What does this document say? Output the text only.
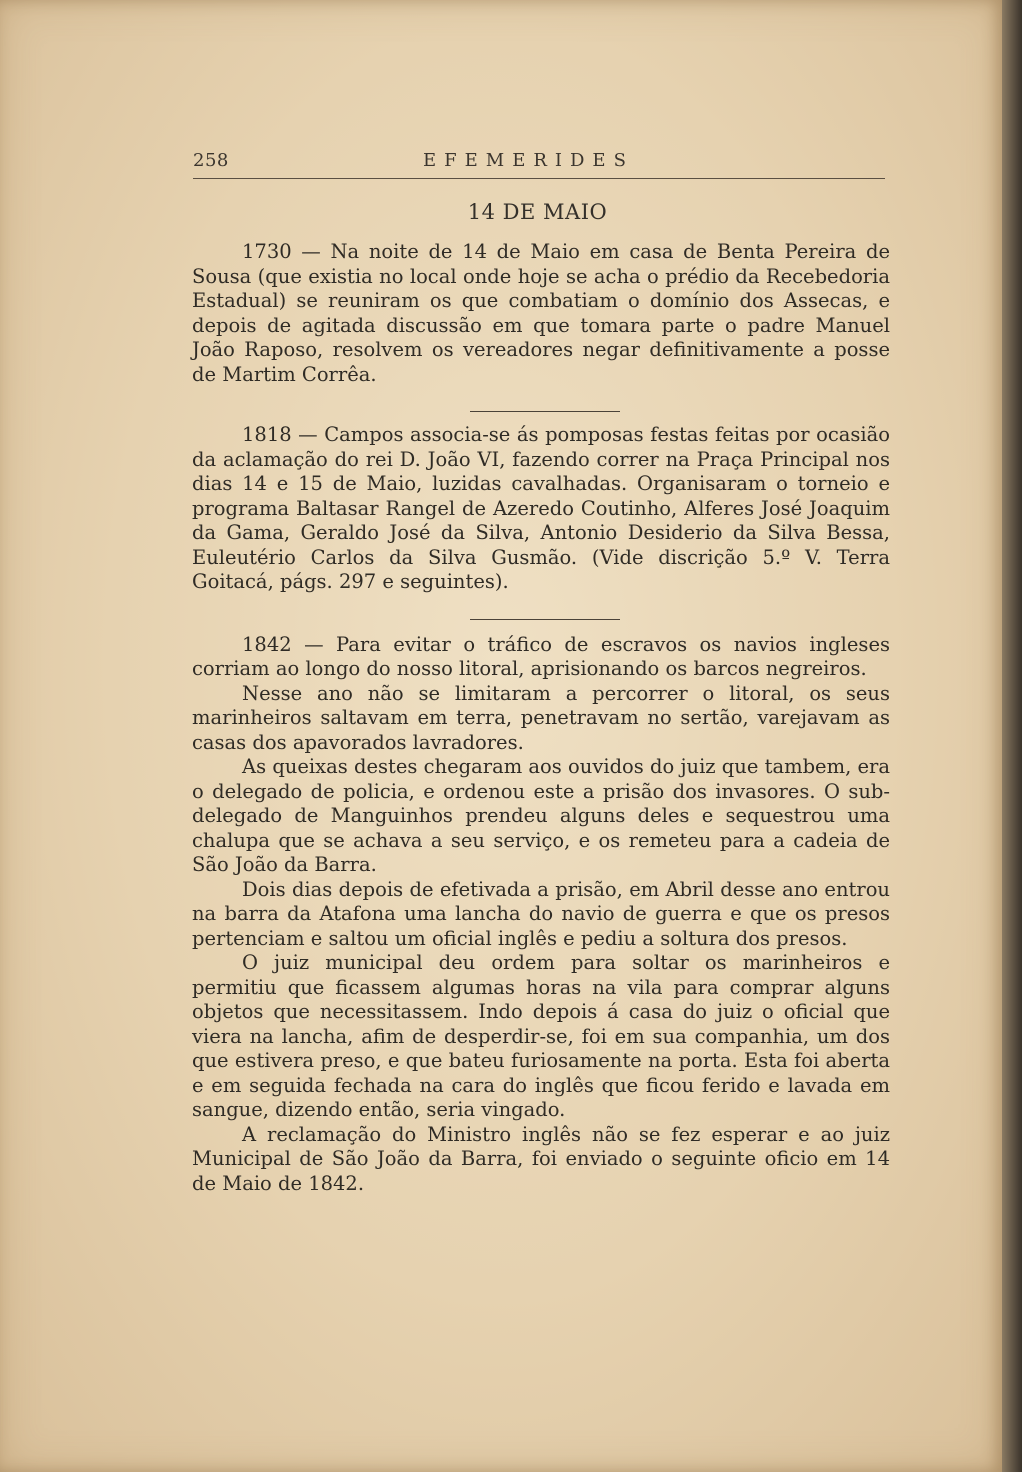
258	EFEMERIDES
14 DE MAIO

1730 — Na noite de 14 de Maio em casa de Benta Pereira de Sousa (que existia no local onde hoje se acha o prédio da Recebedoria Estadual) se reuniram os que combatiam o domínio dos Assecas, e depois de agitada discussão em que tomara parte o padre Manuel João Raposo, resolvem os vereadores negar definitivamente a posse de Martim Corrêa.

1818 — Campos associa-se ás pomposas festas feitas por ocasião da aclamação do rei D. João VI, fazendo correr na Praça Principal nos dias 14 e 15 de Maio, luzidas cavalhadas. Organisaram o torneio e programa Baltasar Rangel de Azeredo Coutinho, Alferes José Joaquim da Gama, Geraldo José da Silva, Antonio Desiderio da Silva Bessa, Euleutério Carlos da Silva Gusmão. (Vide discrição 5.º V. Terra Goitacá, págs. 297 e seguintes).

1842 — Para evitar o tráfico de escravos os navios ingleses corriam ao longo do nosso litoral, aprisionando os barcos negreiros.

Nesse ano não se limitaram a percorrer o litoral, os seus marinheiros saltavam em terra, penetravam no sertão, varejavam as casas dos apavorados lavradores.

As queixas destes chegaram aos ouvidos do juiz que tambem, era o delegado de policia, e ordenou este a prisão dos invasores. O sub-delegado de Manguinhos prendeu alguns deles e sequestrou uma chalupa que se achava a seu serviço, e os remeteu para a cadeia de São João da Barra.

Dois dias depois de efetivada a prisão, em Abril desse ano entrou na barra da Atafona uma lancha do navio de guerra e que os presos pertenciam e saltou um oficial inglês e pediu a soltura dos presos.

O juiz municipal deu ordem para soltar os marinheiros e permitiu que ficassem algumas horas na vila para comprar alguns objetos que necessitassem. Indo depois á casa do juiz o oficial que viera na lancha, afim de desperdir-se, foi em sua companhia, um dos que estivera preso, e que bateu furiosamente na porta. Esta foi aberta e em seguida fechada na cara do inglês que ficou ferido e lavada em sangue, dizendo então, seria vingado.

A reclamação do Ministro inglês não se fez esperar e ao juiz Municipal de São João da Barra, foi enviado o seguinte oficio em 14 de Maio de 1842.
